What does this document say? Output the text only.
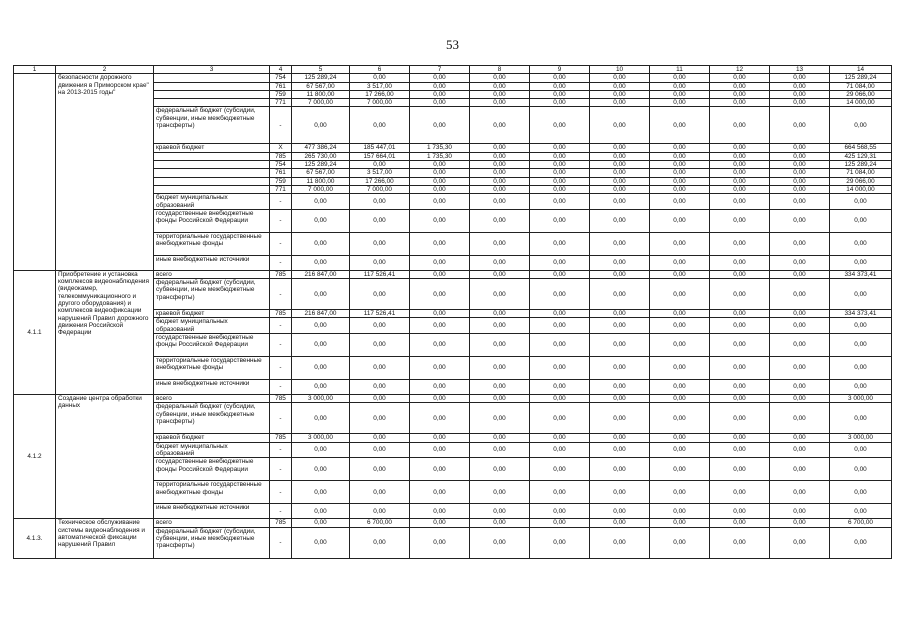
53
1	2	3	4	5	6	7	8	9	10	11	12	13	14
	безопасности дорожного движения в Приморском крае" на 2013-2015 годы"		754	125 289,24	0,00	0,00	0,00	0,00	0,00	0,00	0,00	0,00	125 289,24
			761	67 567,00	3 517,00	0,00	0,00	0,00	0,00	0,00	0,00	0,00	71 084,00
			759	11 800,00	17 266,00	0,00	0,00	0,00	0,00	0,00	0,00	0,00	29 066,00
			771	7 000,00	7 000,00	0,00	0,00	0,00	0,00	0,00	0,00	0,00	14 000,00
		федеральный бюджет (субсидии, субвенции, иные межбюджетные трансферты)	-	0,00	0,00	0,00	0,00	0,00	0,00	0,00	0,00	0,00	0,00
		краевой бюджет	X	477 386,24	185 447,01	1 735,30	0,00	0,00	0,00	0,00	0,00	0,00	664 568,55
			785	265 730,00	157 664,01	1 735,30	0,00	0,00	0,00	0,00	0,00	0,00	425 129,31
			754	125 289,24	0,00	0,00	0,00	0,00	0,00	0,00	0,00	0,00	125 289,24
			761	67 567,00	3 517,00	0,00	0,00	0,00	0,00	0,00	0,00	0,00	71 084,00
			759	11 800,00	17 266,00	0,00	0,00	0,00	0,00	0,00	0,00	0,00	29 066,00
			771	7 000,00	7 000,00	0,00	0,00	0,00	0,00	0,00	0,00	0,00	14 000,00
		бюджет муниципальных образований	-	0,00	0,00	0,00	0,00	0,00	0,00	0,00	0,00	0,00	0,00
		государственные внебюджетные фонды Российской Федерации	-	0,00	0,00	0,00	0,00	0,00	0,00	0,00	0,00	0,00	0,00
		территориальные государственные внебюджетные фонды	-	0,00	0,00	0,00	0,00	0,00	0,00	0,00	0,00	0,00	0,00
		иные внебюджетные источники	-	0,00	0,00	0,00	0,00	0,00	0,00	0,00	0,00	0,00	0,00
4.1.1	Приобретение и установка комплексов видеонаблюдения (видеокамер, телекоммуникационного и другого оборудования) и комплексов видеофиксации нарушений Правил дорожного движения Российской Федерации	всего	785	216 847,00	117 526,41	0,00	0,00	0,00	0,00	0,00	0,00	0,00	334 373,41
		федеральный бюджет (субсидии, субвенции, иные межбюджетные трансферты)	-	0,00	0,00	0,00	0,00	0,00	0,00	0,00	0,00	0,00	0,00
		краевой бюджет	785	216 847,00	117 526,41	0,00	0,00	0,00	0,00	0,00	0,00	0,00	334 373,41
		бюджет муниципальных образований	-	0,00	0,00	0,00	0,00	0,00	0,00	0,00	0,00	0,00	0,00
		государственные внебюджетные фонды Российской Федерации	-	0,00	0,00	0,00	0,00	0,00	0,00	0,00	0,00	0,00	0,00
		территориальные государственные внебюджетные фонды	-	0,00	0,00	0,00	0,00	0,00	0,00	0,00	0,00	0,00	0,00
		иные внебюджетные источники	-	0,00	0,00	0,00	0,00	0,00	0,00	0,00	0,00	0,00	0,00
4.1.2	Создание центра обработки данных	всего	785	3 000,00	0,00	0,00	0,00	0,00	0,00	0,00	0,00	0,00	3 000,00
		федеральный бюджет (субсидии, субвенции, иные межбюджетные трансферты)	-	0,00	0,00	0,00	0,00	0,00	0,00	0,00	0,00	0,00	0,00
		краевой бюджет	785	3 000,00	0,00	0,00	0,00	0,00	0,00	0,00	0,00	0,00	3 000,00
		бюджет муниципальных образований	-	0,00	0,00	0,00	0,00	0,00	0,00	0,00	0,00	0,00	0,00
		государственные внебюджетные фонды Российской Федерации	-	0,00	0,00	0,00	0,00	0,00	0,00	0,00	0,00	0,00	0,00
		территориальные государственные внебюджетные фонды	-	0,00	0,00	0,00	0,00	0,00	0,00	0,00	0,00	0,00	0,00
		иные внебюджетные источники	-	0,00	0,00	0,00	0,00	0,00	0,00	0,00	0,00	0,00	0,00
4.1.3.	Техническое обслуживание системы видеонаблюдения и автоматической фиксации нарушений Правил	всего	785	0,00	6 700,00	0,00	0,00	0,00	0,00	0,00	0,00	0,00	6 700,00
		федеральный бюджет (субсидии, субвенции, иные межбюджетные трансферты)	-	0,00	0,00	0,00	0,00	0,00	0,00	0,00	0,00	0,00	0,00
